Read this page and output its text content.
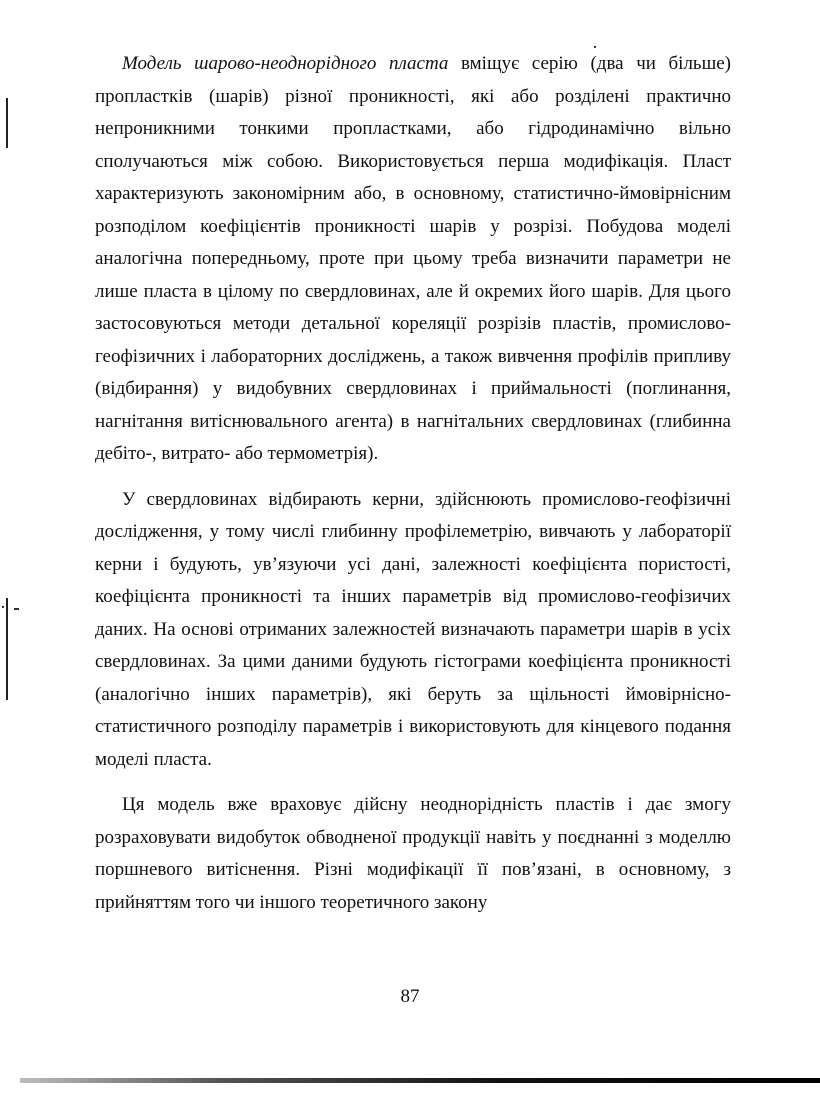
Модель шарово-неоднорідного пласта вміщує серію (два чи більше) пропластків (шарів) різної проникності, які або розділені практично непроникними тонкими пропластками, або гідродинамічно вільно сполучаються між собою. Використовується перша модифікація. Пласт характеризують закономірним або, в основному, статистично-ймовірнісним розподілом коефіцієнтів проникності шарів у розрізі. Побудова моделі аналогічна попередньому, проте при цьому треба визначити параметри не лише пласта в цілому по свердловинах, але й окремих його шарів. Для цього застосовуються методи детальної кореляції розрізів пластів, промислово-геофізичних і лабораторних досліджень, а також вивчення профілів припливу (відбирання) у видобувних свердловинах і приймальності (поглинання, нагнітання витіснювального агента) в нагнітальних свердловинах (глибинна дебіто-, витрато- або термометрія).

У свердловинах відбирають керни, здійснюють промислово-геофізичні дослідження, у тому числі глибинну профілеметрію, вивчають у лабораторії керни і будують, ув’язуючи усі дані, залежності коефіцієнта пористості, коефіцієнта проникності та інших параметрів від промислово-геофізичих даних. На основі отриманих залежностей визначають параметри шарів в усіх свердловинах. За цими даними будують гістограми коефіцієнта проникності (аналогічно інших параметрів), які беруть за щільності ймовірнісно-статистичного розподілу параметрів і використовують для кінцевого подання моделі пласта.

Ця модель вже враховує дійсну неоднорідність пластів і дає змогу розраховувати видобуток обводненої продукції навіть у поєднанні з моделлю поршневого витіснення. Різні модифікації її пов’язані, в основному, з прийняттям того чи іншого теоретичного закону

87
